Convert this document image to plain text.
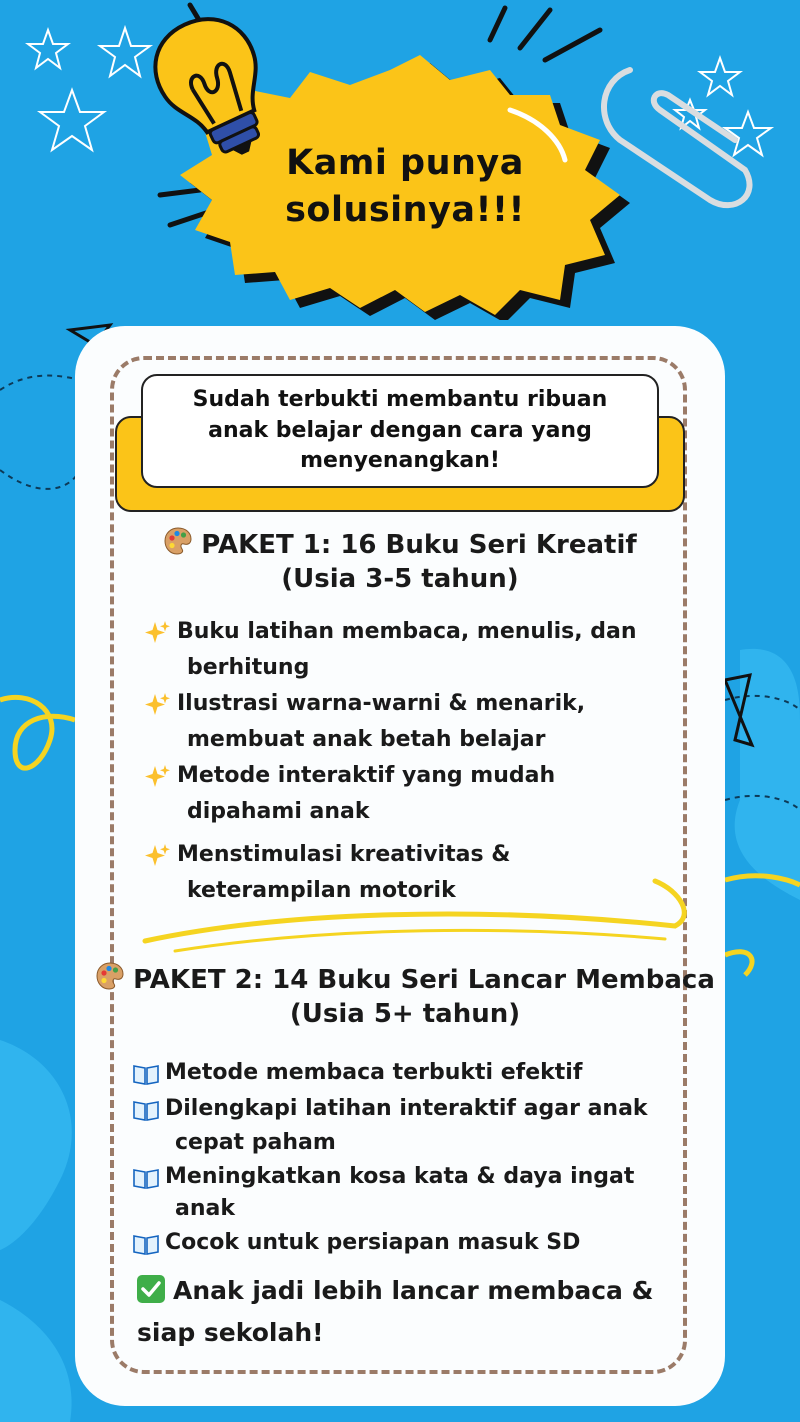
Kami punya
solusinya!!!
Sudah terbukti membantu ribuan
anak belajar dengan cara yang
menyenangkan!
PAKET 1: 16 Buku Seri Kreatif
(Usia 3-5 tahun)
Buku latihan membaca, menulis, dan
berhitung
Ilustrasi warna-warni & menarik,
membuat anak betah belajar
Metode interaktif yang mudah
dipahami anak
Menstimulasi kreativitas &
keterampilan motorik
PAKET 2: 14 Buku Seri Lancar Membaca
(Usia 5+ tahun)
Metode membaca terbukti efektif
Dilengkapi latihan interaktif agar anak
cepat paham
Meningkatkan kosa kata & daya ingat
anak
Cocok untuk persiapan masuk SD
Anak jadi lebih lancar membaca &
siap sekolah!
